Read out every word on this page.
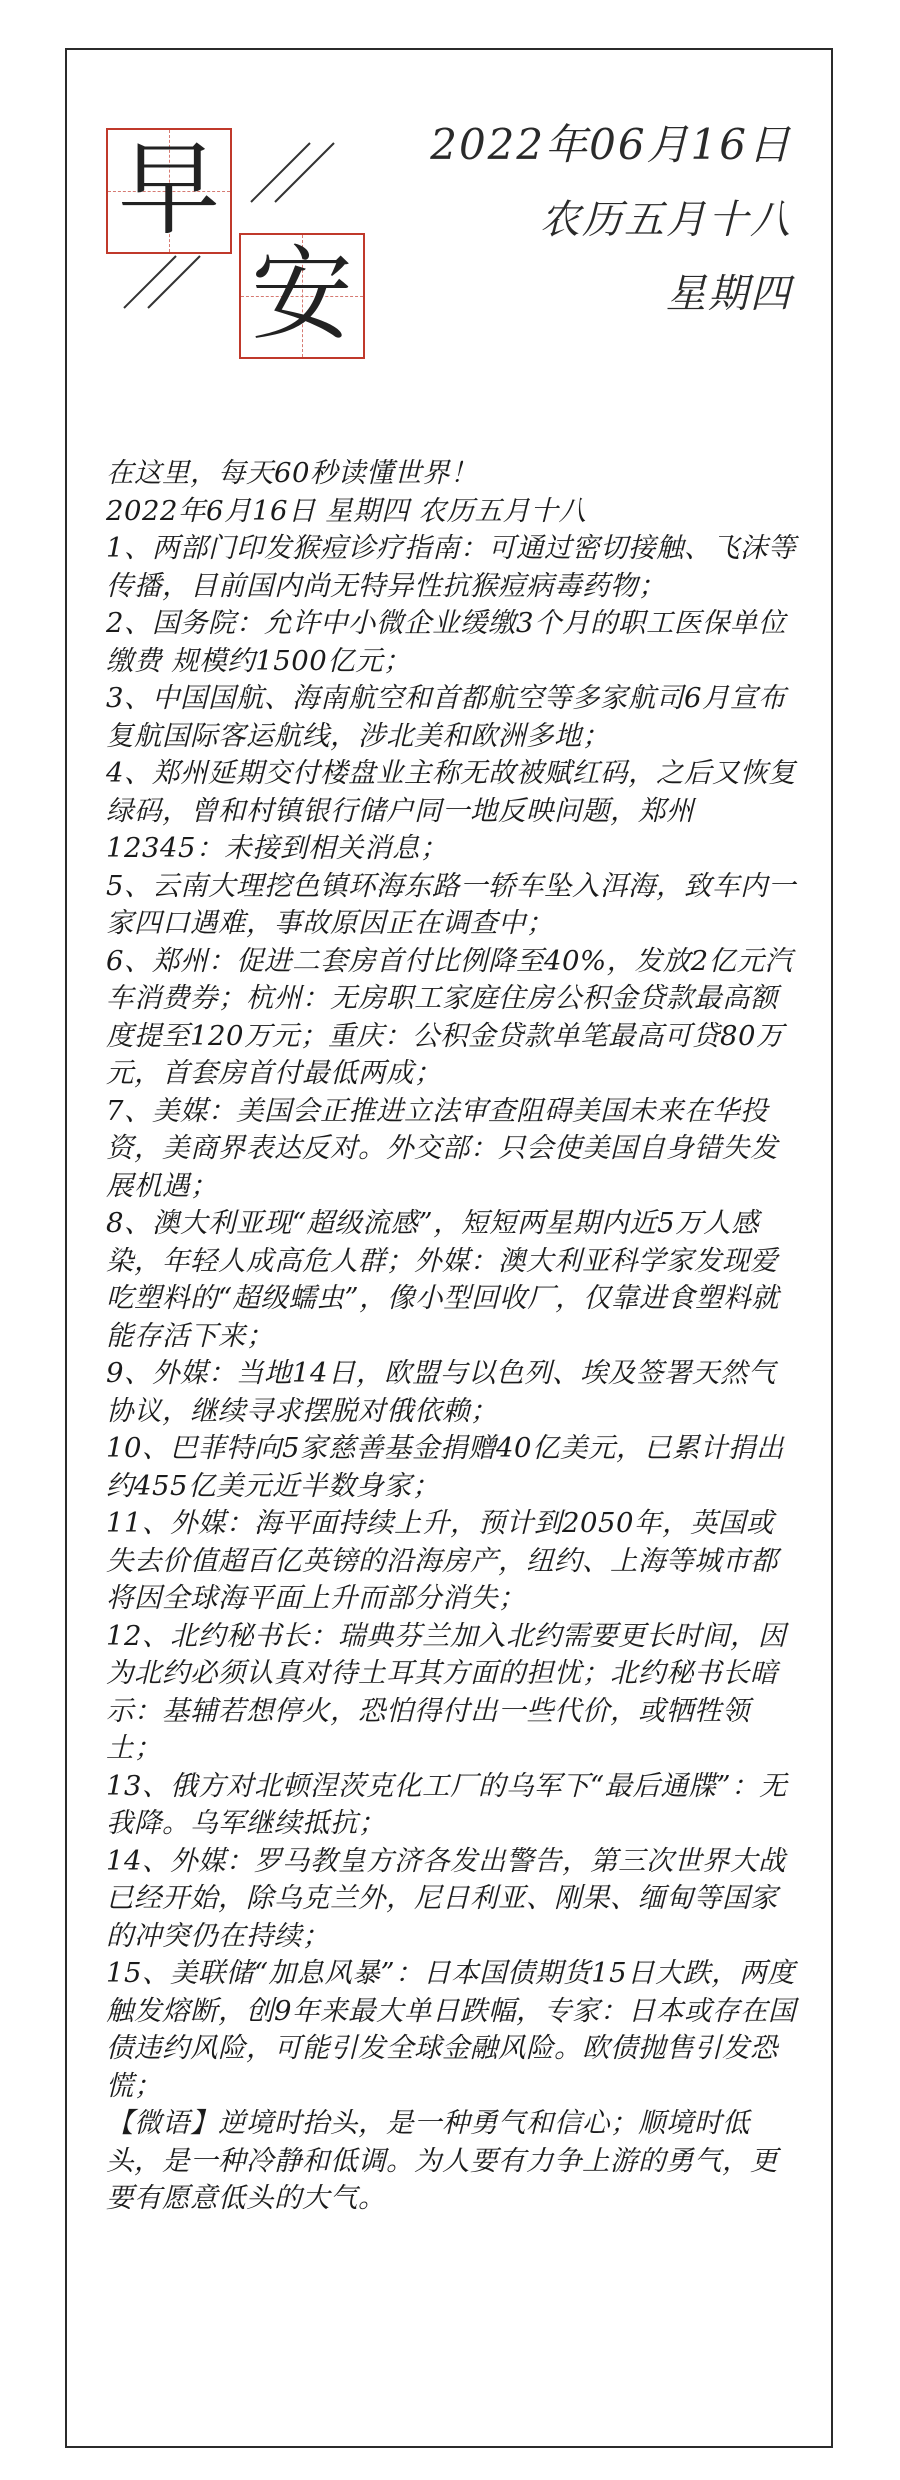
早
安
2022年06月16日
农历五月十八
星期四

在这里，每天60秒读懂世界！

2022年6月16日 星期四 农历五月十八

1、两部门印发猴痘诊疗指南：可通过密切接触、飞沫等传播，目前国内尚无特异性抗猴痘病毒药物；

2、国务院：允许中小微企业缓缴3个月的职工医保单位缴费 规模约1500亿元；

3、中国国航、海南航空和首都航空等多家航司6月宣布复航国际客运航线，涉北美和欧洲多地；

4、郑州延期交付楼盘业主称无故被赋红码，之后又恢复绿码，曾和村镇银行储户同一地反映问题，郑州12345：未接到相关消息；

5、云南大理挖色镇环海东路一轿车坠入洱海，致车内一家四口遇难，事故原因正在调查中；

6、郑州：促进二套房首付比例降至40%，发放2亿元汽车消费券；杭州：无房职工家庭住房公积金贷款最高额度提至120万元；重庆：公积金贷款单笔最高可贷80万元，首套房首付最低两成；

7、美媒：美国会正推进立法审查阻碍美国未来在华投资，美商界表达反对。外交部：只会使美国自身错失发展机遇；

8、澳大利亚现“超级流感”，短短两星期内近5万人感染，年轻人成高危人群；外媒：澳大利亚科学家发现爱吃塑料的“超级蠕虫”，像小型回收厂，仅靠进食塑料就能存活下来；

9、外媒：当地14日，欧盟与以色列、埃及签署天然气协议，继续寻求摆脱对俄依赖；

10、巴菲特向5家慈善基金捐赠40亿美元，已累计捐出约455亿美元近半数身家；

11、外媒：海平面持续上升，预计到2050年，英国或失去价值超百亿英镑的沿海房产，纽约、上海等城市都将因全球海平面上升而部分消失；

12、北约秘书长：瑞典芬兰加入北约需要更长时间，因为北约必须认真对待土耳其方面的担忧；北约秘书长暗示：基辅若想停火，恐怕得付出一些代价，或牺牲领土；

13、俄方对北顿涅茨克化工厂的乌军下“最后通牒”：无我降。乌军继续抵抗；

14、外媒：罗马教皇方济各发出警告，第三次世界大战已经开始，除乌克兰外，尼日利亚、刚果、缅甸等国家的冲突仍在持续；

15、美联储“加息风暴”：日本国债期货15日大跌，两度触发熔断，创9年来最大单日跌幅，专家：日本或存在国债违约风险，可能引发全球金融风险。欧债抛售引发恐慌；

【微语】逆境时抬头，是一种勇气和信心；顺境时低头，是一种冷静和低调。为人要有力争上游的勇气，更要有愿意低头的大气。
